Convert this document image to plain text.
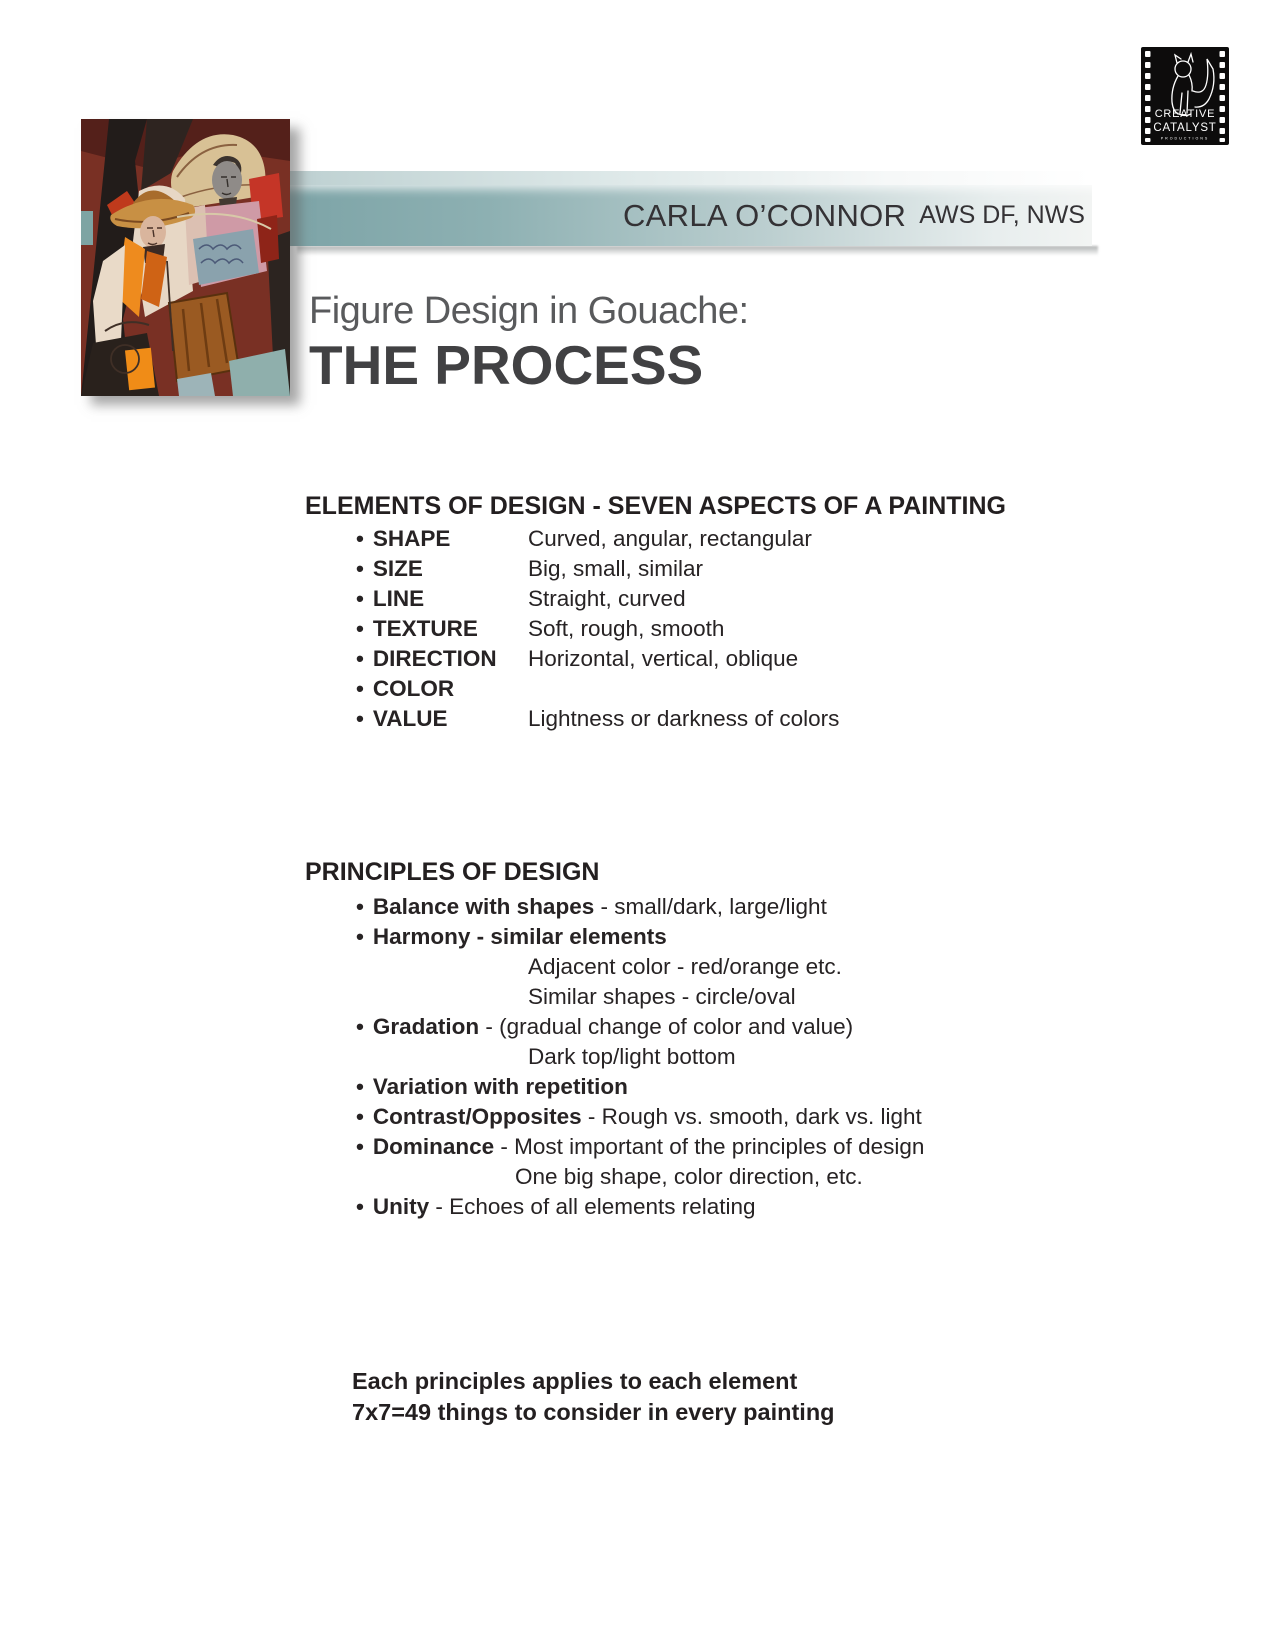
CARLA O’CONNOR AWS DF, NWS
CREATIVE
CATALYST
PRODUCTIONS
Figure Design in Gouache:
THE PROCESS
ELEMENTS OF DESIGN - SEVEN ASPECTS OF A PAINTING
• SHAPE	Curved, angular, rectangular
• SIZE	Big, small, similar
• LINE	Straight, curved
• TEXTURE	Soft, rough, smooth
• DIRECTION	Horizontal, vertical, oblique
• COLOR
• VALUE	Lightness or darkness of colors
PRINCIPLES OF DESIGN
• Balance with shapes - small/dark, large/light
• Harmony - similar elements
Adjacent color - red/orange etc.
Similar shapes - circle/oval
• Gradation - (gradual change of color and value)
Dark top/light bottom
• Variation with repetition
• Contrast/Opposites - Rough vs. smooth, dark vs. light
• Dominance - Most important of the principles of design
One big shape, color direction, etc.
• Unity - Echoes of all elements relating
Each principles applies to each element
7x7=49 things to consider in every painting
